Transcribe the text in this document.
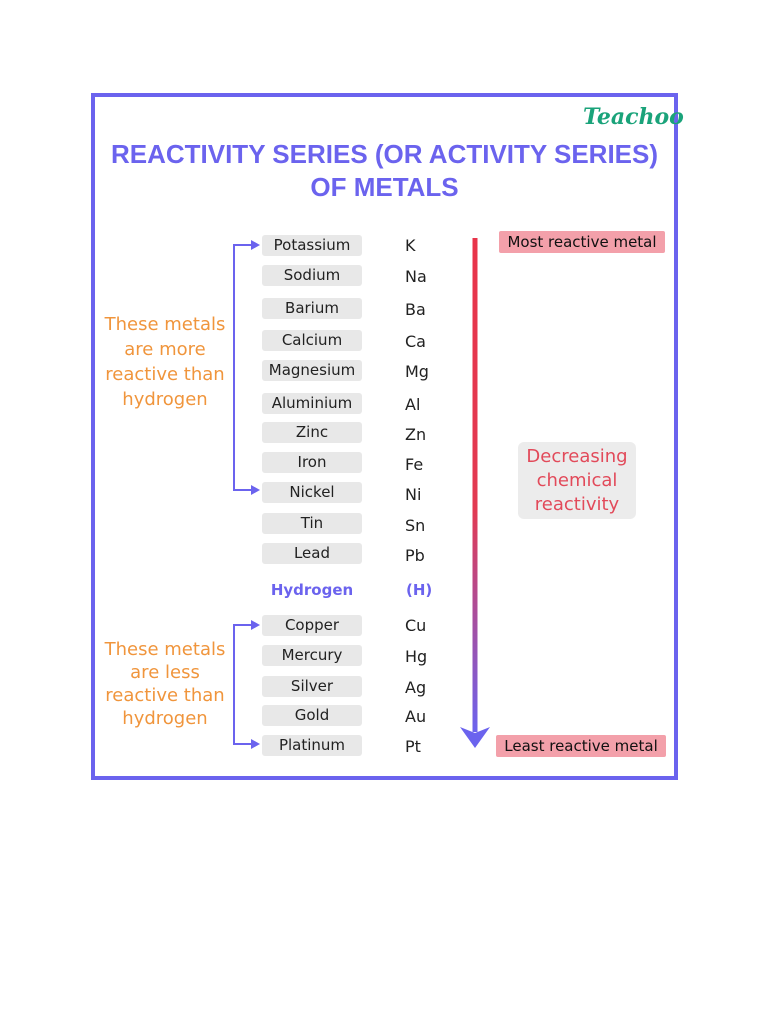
Teachoo
REACTIVITY SERIES (OR ACTIVITY SERIES)
OF METALS
Potassium	K
Sodium	Na
Barium	Ba
Calcium	Ca
Magnesium	Mg
Aluminium	Al
Zinc	Zn
Iron	Fe
Nickel	Ni
Tin	Sn
Lead	Pb
Hydrogen	(H)
Copper	Cu
Mercury	Hg
Silver	Ag
Gold	Au
Platinum	Pt
These metals
are more
reactive than
hydrogen
These metals
are less
reactive than
hydrogen
Most reactive metal
Least reactive metal
Decreasing
chemical
reactivity
